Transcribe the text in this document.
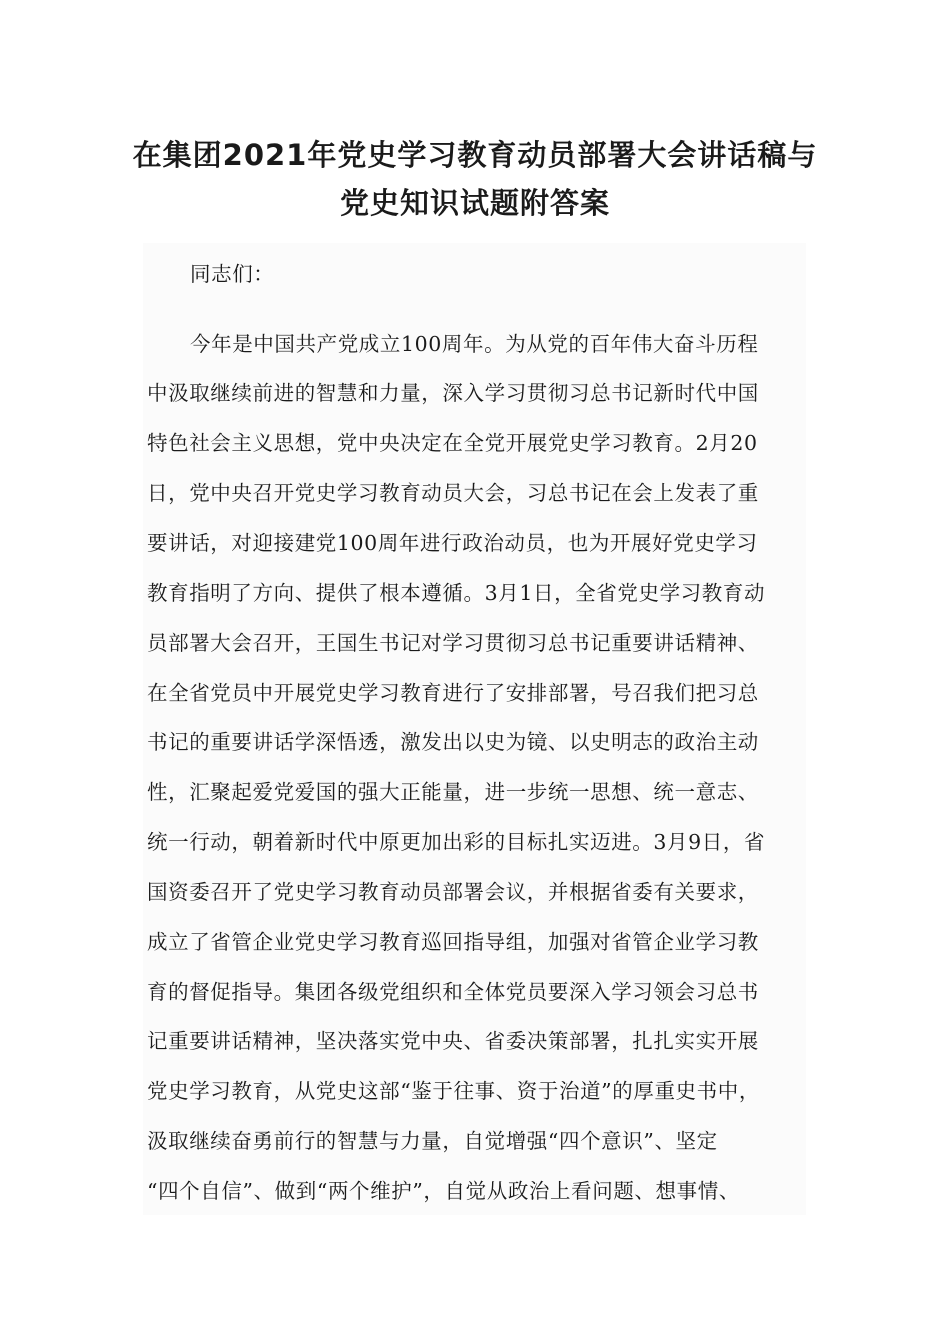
在集团2021年党史学习教育动员部署大会讲话稿与
党史知识试题附答案
同志们：
今年是中国共产党成立100周年。为从党的百年伟大奋斗历程
中汲取继续前进的智慧和力量，深入学习贯彻习总书记新时代中国
特色社会主义思想，党中央决定在全党开展党史学习教育。2月20
日，党中央召开党史学习教育动员大会，习总书记在会上发表了重
要讲话，对迎接建党100周年进行政治动员，也为开展好党史学习
教育指明了方向、提供了根本遵循。3月1日，全省党史学习教育动
员部署大会召开，王国生书记对学习贯彻习总书记重要讲话精神、
在全省党员中开展党史学习教育进行了安排部署，号召我们把习总
书记的重要讲话学深悟透，激发出以史为镜、以史明志的政治主动
性，汇聚起爱党爱国的强大正能量，进一步统一思想、统一意志、
统一行动，朝着新时代中原更加出彩的目标扎实迈进。3月9日，省
国资委召开了党史学习教育动员部署会议，并根据省委有关要求，
成立了省管企业党史学习教育巡回指导组，加强对省管企业学习教
育的督促指导。集团各级党组织和全体党员要深入学习领会习总书
记重要讲话精神，坚决落实党中央、省委决策部署，扎扎实实开展
党史学习教育，从党史这部“鉴于往事、资于治道”的厚重史书中，
汲取继续奋勇前行的智慧与力量，自觉增强“四个意识”、坚定
“四个自信”、做到“两个维护”，自觉从政治上看问题、想事情、
